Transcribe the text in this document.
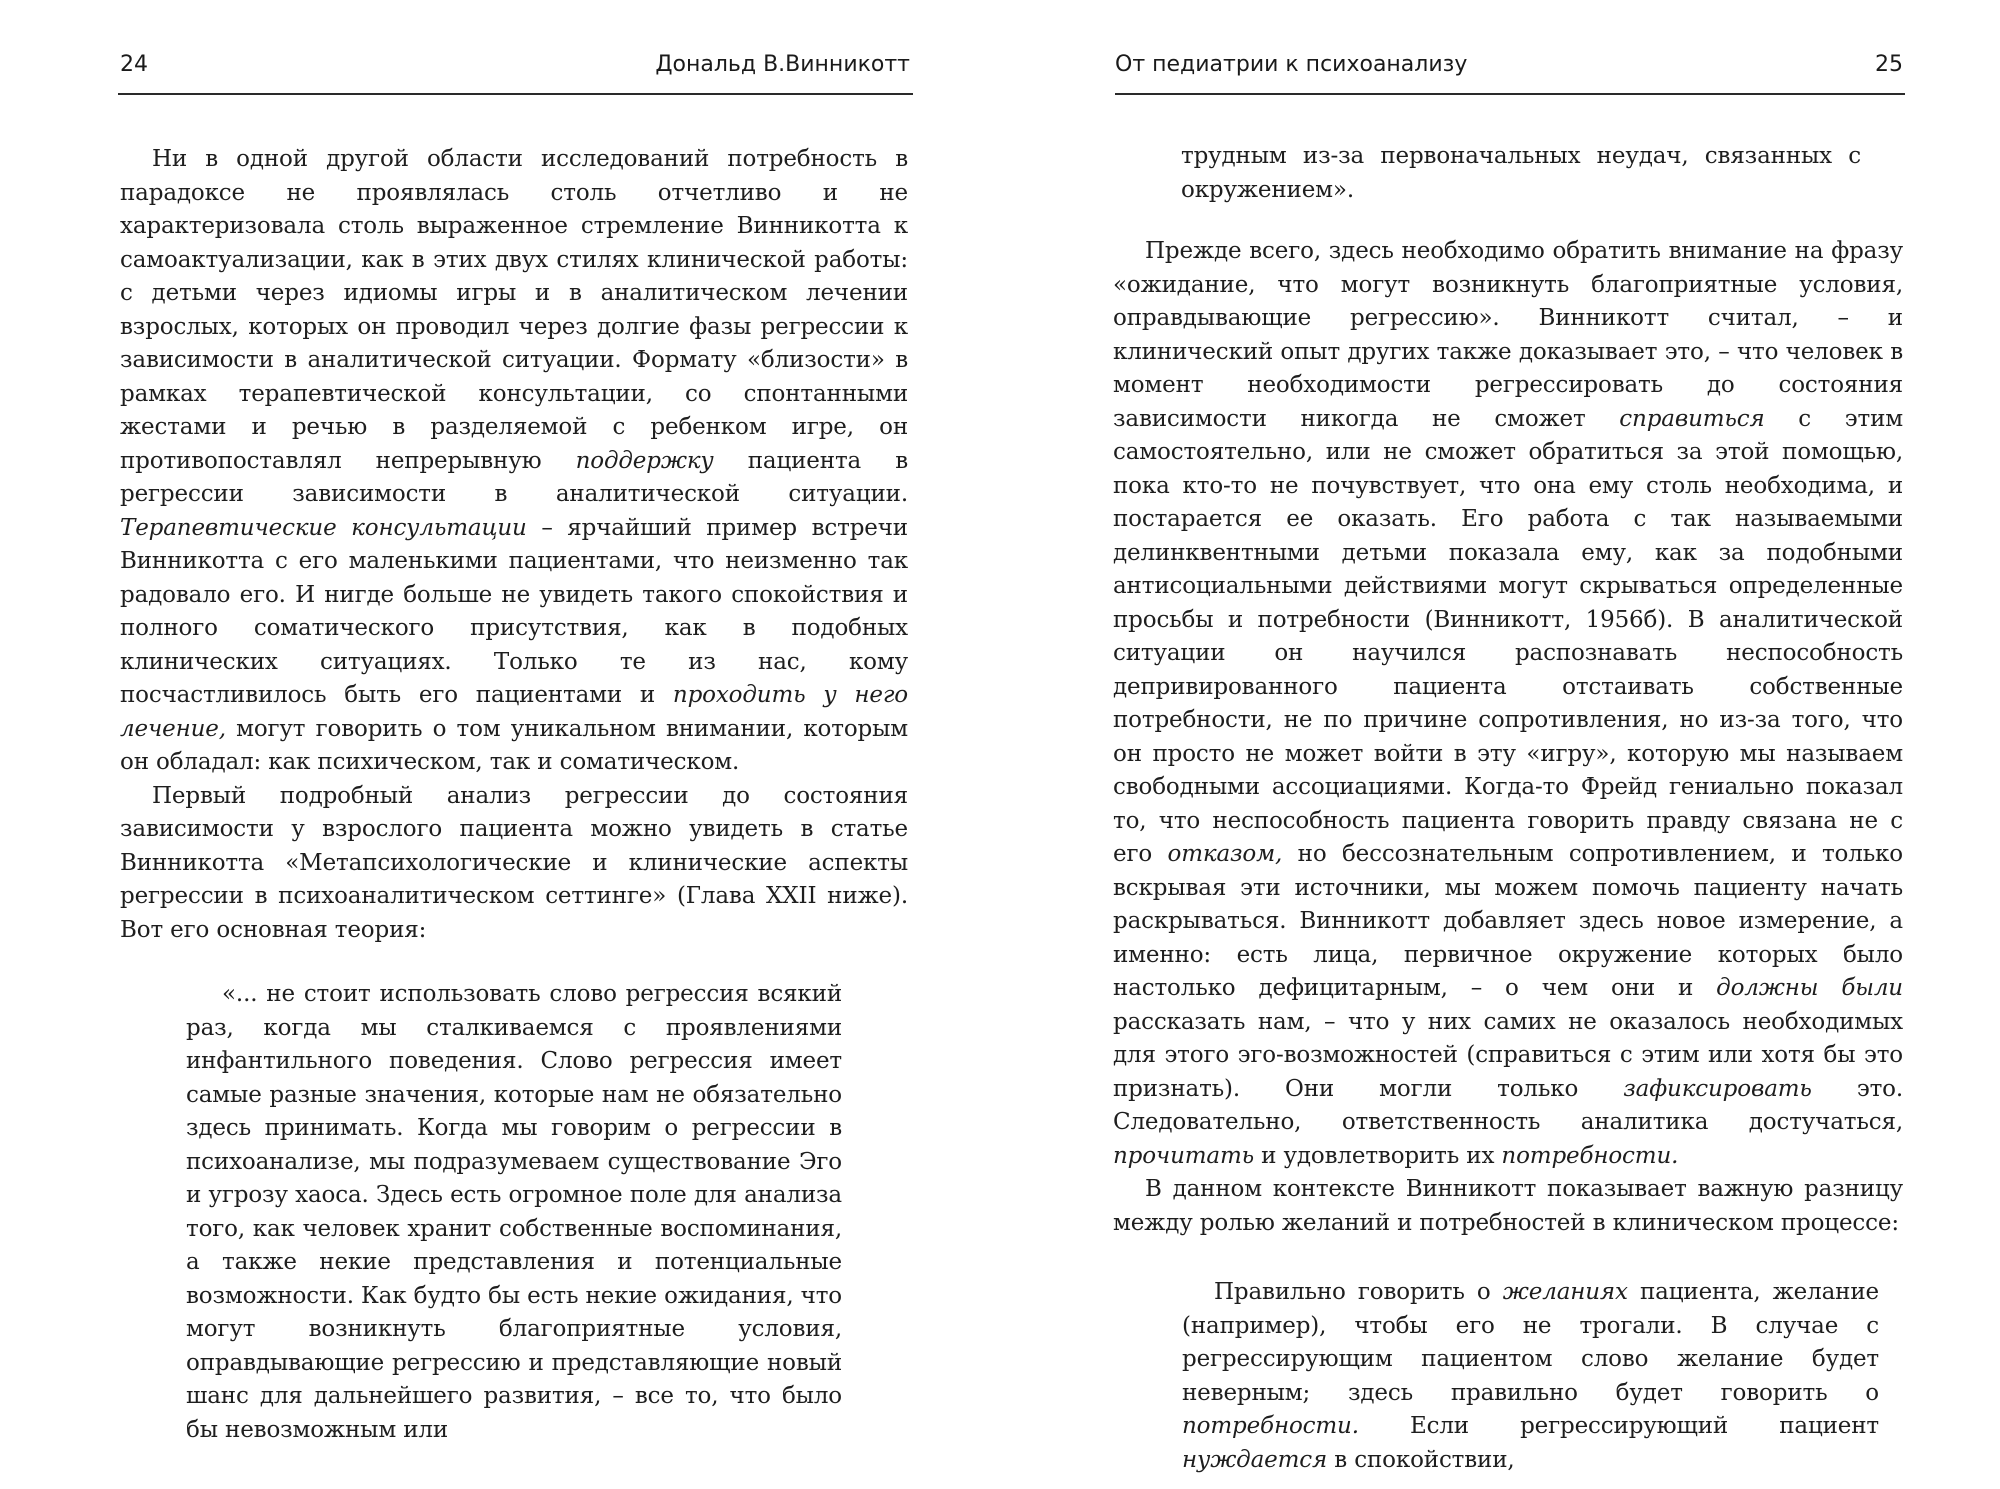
24	Дональд В.Винникотт

Ни в одной другой области исследований потребность в парадоксе не проявлялась столь отчетливо и не характеризовала столь выраженное стремление Винникотта к самоактуализации, как в этих двух стилях клинической работы: с детьми через идиомы игры и в аналитическом лечении взрослых, которых он проводил через долгие фазы регрессии к зависимости в аналитической ситуации. Формату «близости» в рамках терапевтической консультации, со спонтанными жестами и речью в разделяемой с ребенком игре, он противопоставлял непрерывную поддержку пациента в регрессии зависимости в аналитической ситуации. Терапевтические консультации – ярчайший пример встречи Винникотта с его маленькими пациентами, что неизменно так радовало его. И нигде больше не увидеть такого спокойствия и полного соматического присутствия, как в подобных клинических ситуациях. Только те из нас, кому посчастливилось быть его пациентами и проходить у него лечение, могут говорить о том уникальном внимании, которым он обладал: как психическом, так и соматическом.

Первый подробный анализ регрессии до состояния зависимости у взрослого пациента можно увидеть в статье Винникотта «Метапсихологические и клинические аспекты регрессии в психоаналитическом сеттинге» (Глава XXII ниже). Вот его основная теория:

«... не стоит использовать слово регрессия всякий раз, когда мы сталкиваемся с проявлениями инфантильного поведения. Слово регрессия имеет самые разные значения, которые нам не обязательно здесь принимать. Когда мы говорим о регрессии в психоанализе, мы подразумеваем существование Эго и угрозу хаоса. Здесь есть огромное поле для анализа того, как человек хранит собственные воспоминания, а также некие представления и потенциальные возможности. Как будто бы есть некие ожидания, что могут возникнуть благоприятные условия, оправдывающие регрессию и представляющие новый шанс для дальнейшего развития, – все то, что было бы невозможным или

От педиатрии к психоанализу	25

трудным из-за первоначальных неудач, связанных с окружением».

Прежде всего, здесь необходимо обратить внимание на фразу «ожидание, что могут возникнуть благоприятные условия, оправдывающие регрессию». Винникотт считал, – и клинический опыт других также доказывает это, – что человек в момент необходимости регрессировать до состояния зависимости никогда не сможет справиться с этим самостоятельно, или не сможет обратиться за этой помощью, пока кто-то не почувствует, что она ему столь необходима, и постарается ее оказать. Его работа с так называемыми делинквентными детьми показала ему, как за подобными антисоциальными действиями могут скрываться определенные просьбы и потребности (Винникотт, 1956б). В аналитической ситуации он научился распознавать неспособность депривированного пациента отстаивать собственные потребности, не по причине сопротивления, но из-за того, что он просто не может войти в эту «игру», которую мы называем свободными ассоциациями. Когда-то Фрейд гениально показал то, что неспособность пациента говорить правду связана не с его отказом, но бессознательным сопротивлением, и только вскрывая эти источники, мы можем помочь пациенту начать раскрываться. Винникотт добавляет здесь новое измерение, а именно: есть лица, первичное окружение которых было настолько дефицитарным, – о чем они и должны были рассказать нам, – что у них самих не оказалось необходимых для этого эго-возможностей (справиться с этим или хотя бы это признать). Они могли только зафиксировать это. Следовательно, ответственность аналитика достучаться, прочитать и удовлетворить их потребности.

В данном контексте Винникотт показывает важную разницу между ролью желаний и потребностей в клиническом процессе:

Правильно говорить о желаниях пациента, желание (например), чтобы его не трогали. В случае с регрессирующим пациентом слово желание будет неверным; здесь правильно будет говорить о потребности. Если регрессирующий пациент нуждается в спокойствии,
